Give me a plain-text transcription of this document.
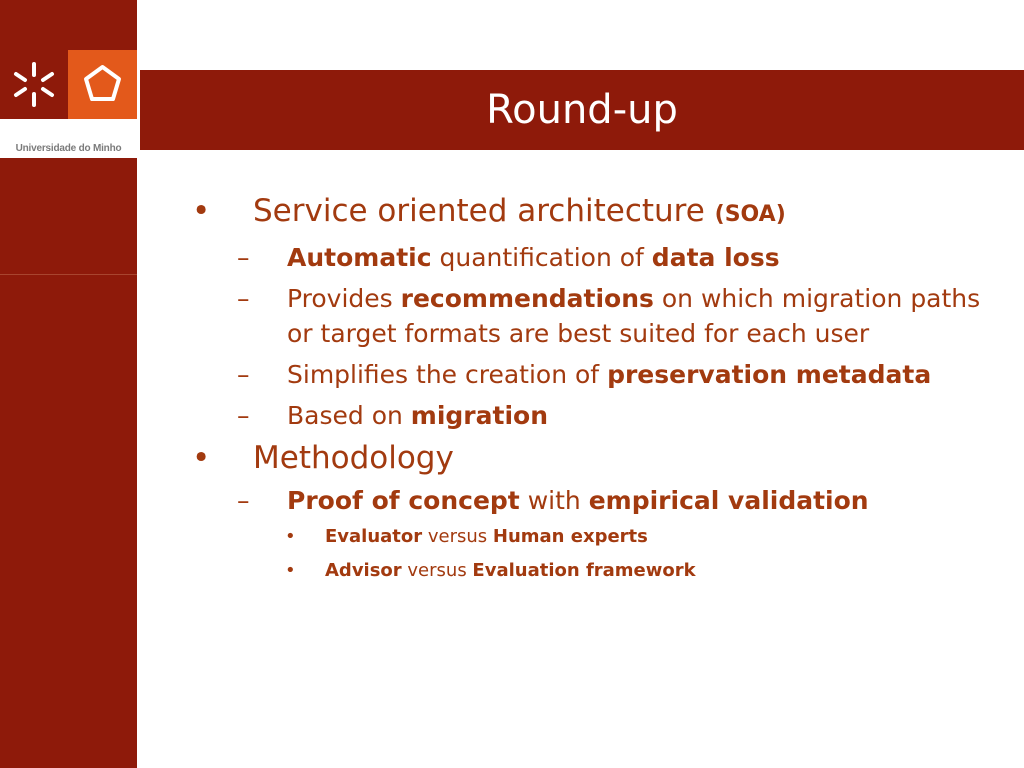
Universidade do Minho
Round-up
• Service oriented architecture (SOA)
– Automatic quantification of data loss
– Provides recommendations on which migration paths or target formats are best suited for each user
– Simplifies the creation of preservation metadata
– Based on migration
• Methodology
– Proof of concept with empirical validation
• Evaluator versus Human experts
• Advisor versus Evaluation framework
